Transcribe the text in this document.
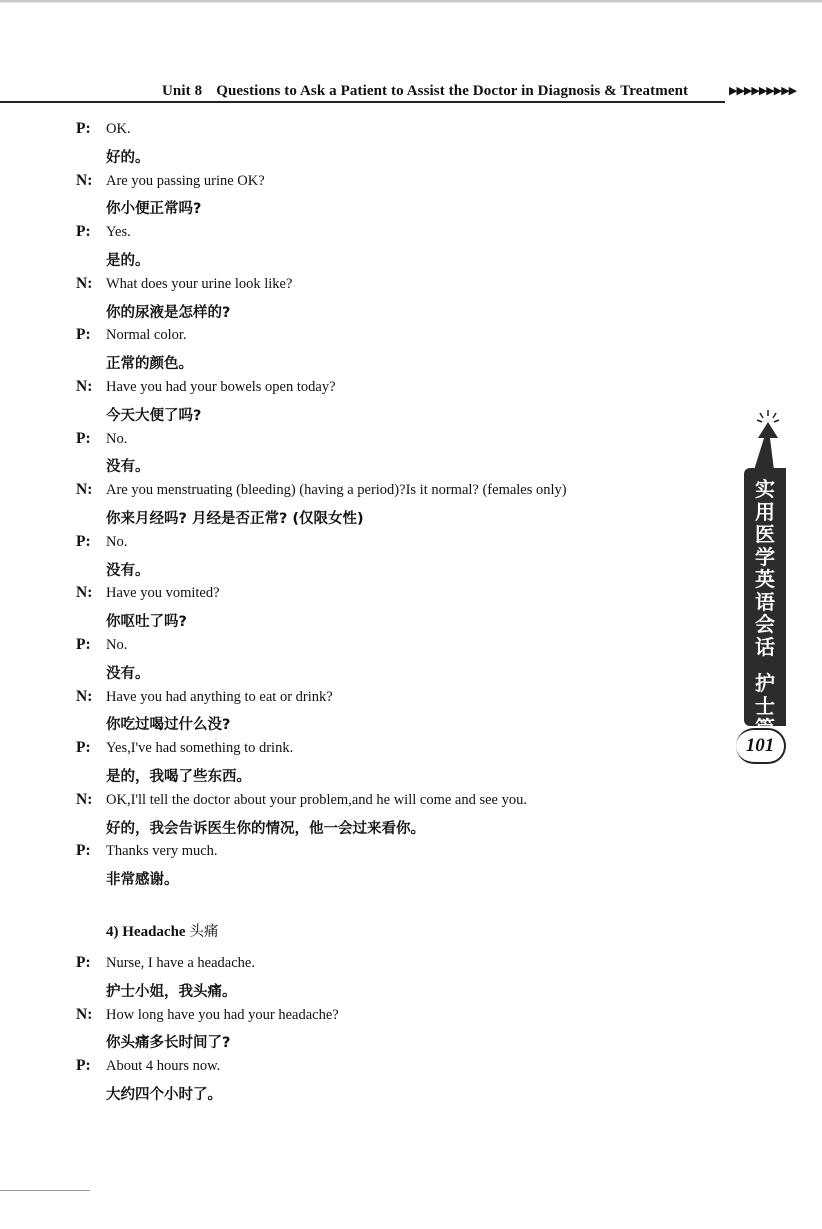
Unit 8 Questions to Ask a Patient to Assist the Doctor in Diagnosis & Treatment	▶▶▶▶▶▶▶▶▶
P: OK.
好的。
N: Are you passing urine OK?
你小便正常吗?
P: Yes.
是的。
N: What does your urine look like?
你的尿液是怎样的?
P: Normal color.
正常的颜色。
N: Have you had your bowels open today?
今天大便了吗?
P: No.
没有。
N: Are you menstruating (bleeding) (having a period)?Is it normal? (females only)
你来月经吗? 月经是否正常? (仅限女性)
P: No.
没有。
N: Have you vomited?
你呕吐了吗?
P: No.
没有。
N: Have you had anything to eat or drink?
你吃过喝过什么没?
P: Yes,I've had something to drink.
是的，我喝了些东西。
N: OK,I'll tell the doctor about your problem,and he will come and see you.
好的，我会告诉医生你的情况，他一会过来看你。
P: Thanks very much.
非常感谢。
4) Headache 头痛
P: Nurse, I have a headache.
护士小姐，我头痛。
N: How long have you had your headache?
你头痛多长时间了?
P: About 4 hours now.
大约四个小时了。
实
用
医
学
英
语
会
话
护
士
篇
101
